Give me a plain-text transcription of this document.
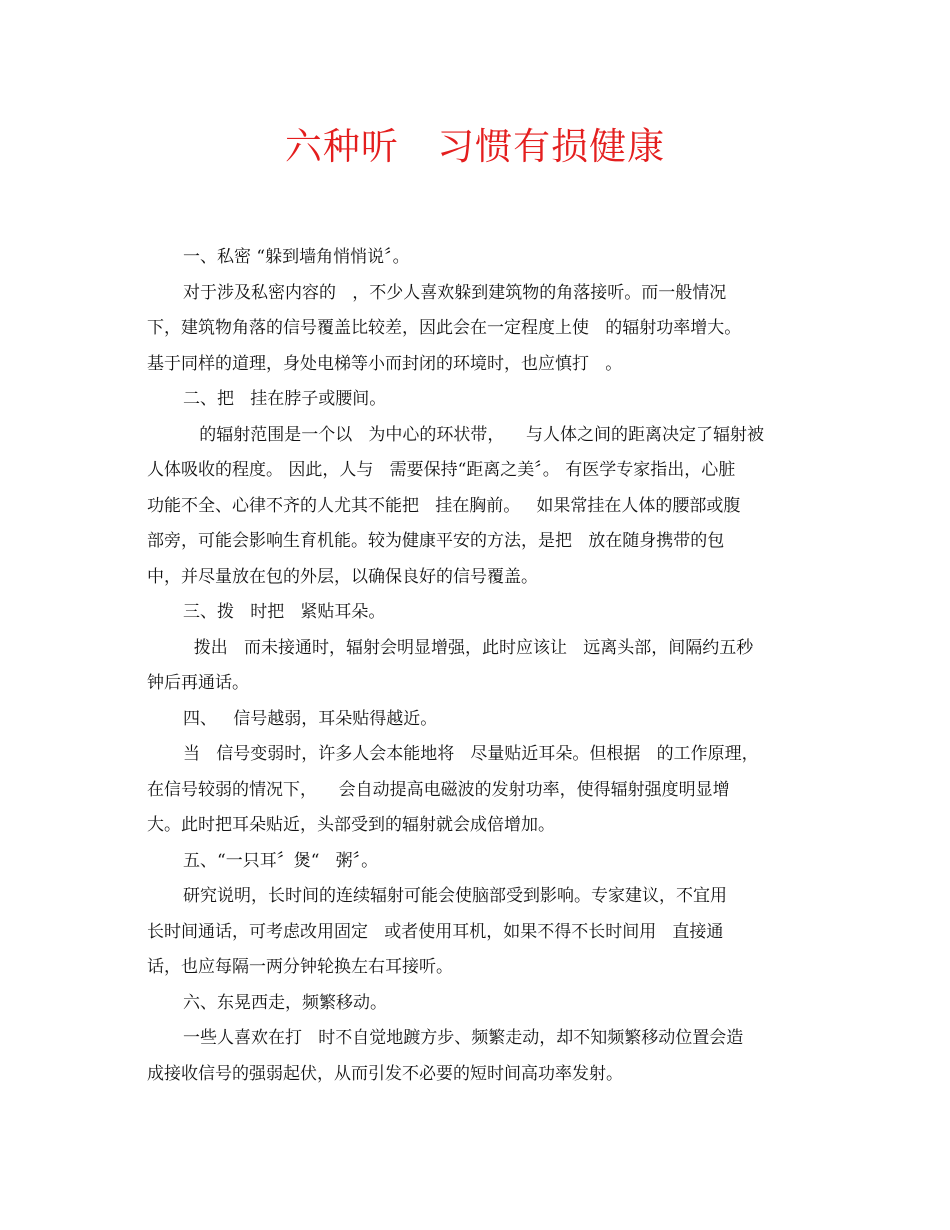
六种听   习惯有损健康
一、私密 “躲到墙角悄悄说〞。
对于涉及私密内容的   ，不少人喜欢躲到建筑物的角落接听。而一般情况
下，建筑物角落的信号覆盖比较差，因此会在一定程度上使   的辐射功率增大。
基于同样的道理，身处电梯等小而封闭的环境时，也应慎打   。
二、把   挂在脖子或腰间。
的辐射范围是一个以   为中心的环状带，    与人体之间的距离决定了辐射被
人体吸收的程度。 因此，人与   需要保持“距离之美〞。 有医学专家指出，心脏
功能不全、心律不齐的人尤其不能把   挂在胸前。   如果常挂在人体的腰部或腹
部旁，可能会影响生育机能。较为健康平安的方法，是把   放在随身携带的包
中，并尽量放在包的外层，以确保良好的信号覆盖。
三、拨   时把   紧贴耳朵。
拨出   而未接通时，辐射会明显增强，此时应该让   远离头部，间隔约五秒
钟后再通话。
四、   信号越弱，耳朵贴得越近。
当   信号变弱时，许多人会本能地将   尽量贴近耳朵。但根据   的工作原理，
在信号较弱的情况下，    会自动提高电磁波的发射功率，使得辐射强度明显增
大。此时把耳朵贴近，头部受到的辐射就会成倍增加。
五、“一只耳〞煲“   粥〞。
研究说明，长时间的连续辐射可能会使脑部受到影响。专家建议，不宜用
长时间通话，可考虑改用固定   或者使用耳机，如果不得不长时间用   直接通
话，也应每隔一两分钟轮换左右耳接听。
六、东晃西走，频繁移动。
一些人喜欢在打   时不自觉地踱方步、频繁走动，却不知频繁移动位置会造
成接收信号的强弱起伏，从而引发不必要的短时间高功率发射。
